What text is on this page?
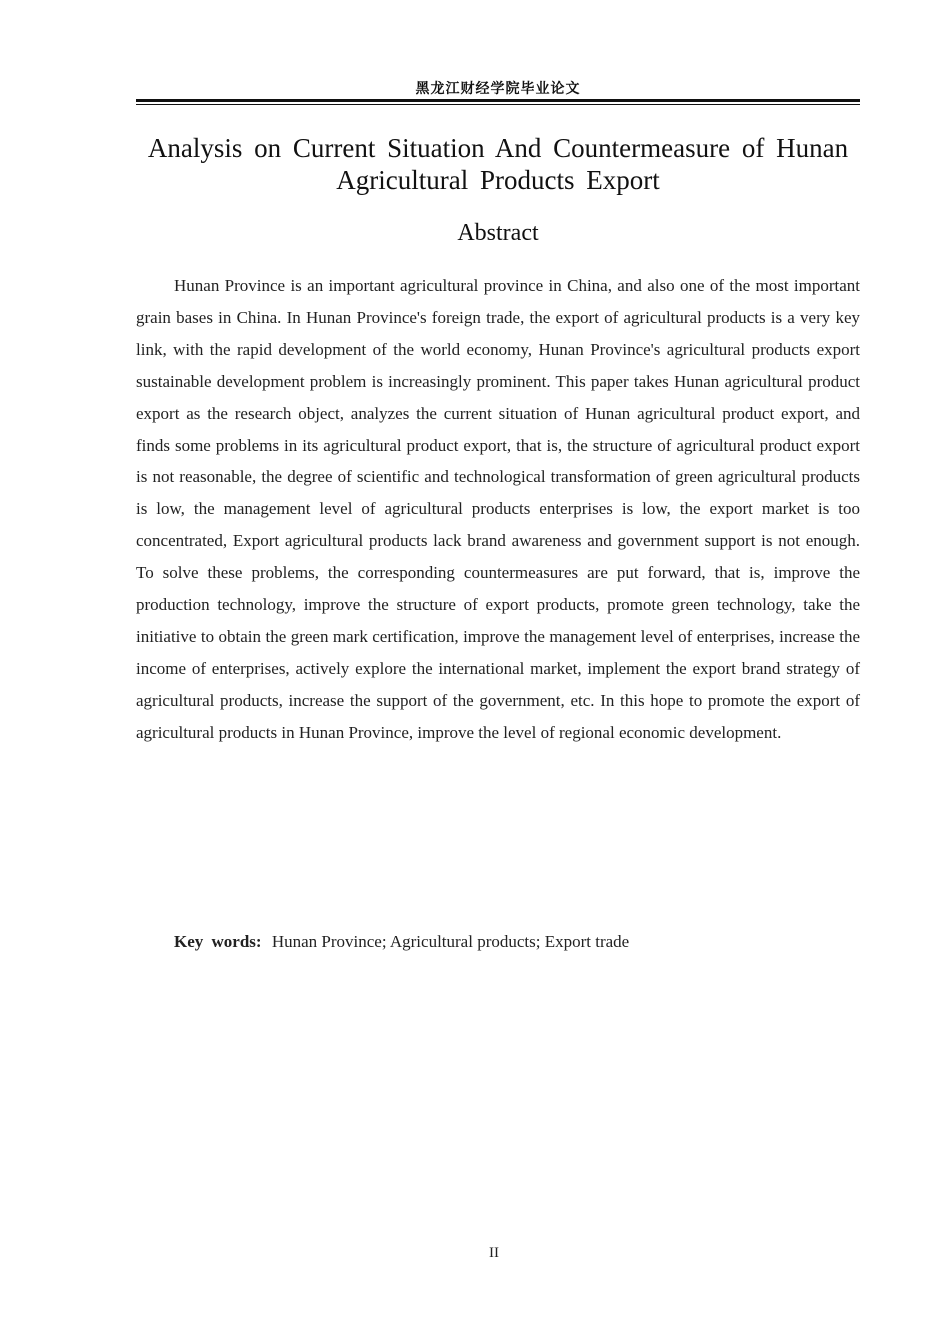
黑龙江财经学院毕业论文
Analysis on Current Situation And Countermeasure of Hunan Agricultural Products Export
Abstract

Hunan Province is an important agricultural province in China, and also one of the most important grain bases in China. In Hunan Province's foreign trade, the export of agricultural products is a very key link, with the rapid development of the world economy, Hunan Province's agricultural products export sustainable development problem is increasingly prominent. This paper takes Hunan agricultural product export as the research object, analyzes the current situation of Hunan agricultural product export, and finds some problems in its agricultural product export, that is, the structure of agricultural product export is not reasonable, the degree of scientific and technological transformation of green agricultural products is low, the management level of agricultural products enterprises is low, the export market is too concentrated, Export agricultural products lack brand awareness and government support is not enough. To solve these problems, the corresponding countermeasures are put forward, that is, improve the production technology, improve the structure of export products, promote green technology, take the initiative to obtain the green mark certification, improve the management level of enterprises, increase the income of enterprises, actively explore the international market, implement the export brand strategy of agricultural products, increase the support of the government, etc. In this hope to promote the export of agricultural products in Hunan Province, improve the level of regional economic development.

Key words: Hunan Province; Agricultural products; Export trade
II
